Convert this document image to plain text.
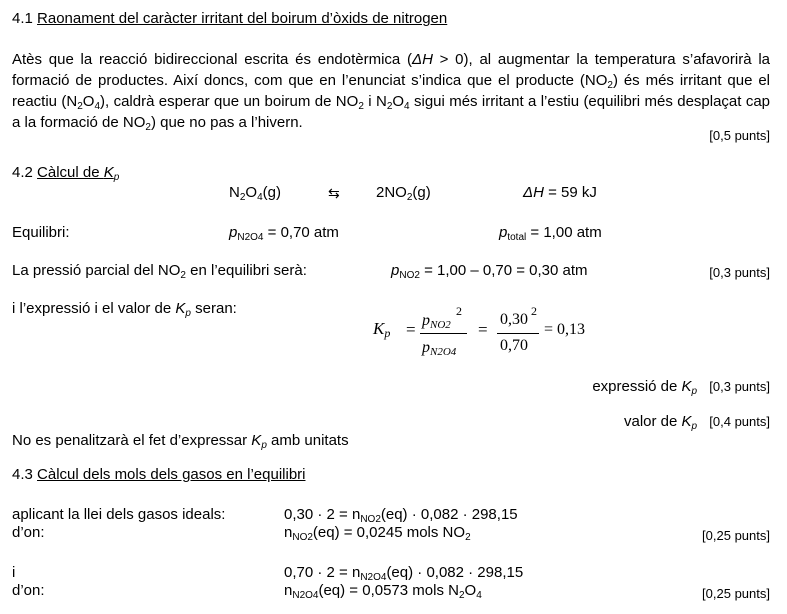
4.1 Raonament del caràcter irritant del boirum d’òxids de nitrogen
Atès que la reacció bidireccional escrita és endotèrmica (ΔH > 0), al augmentar la temperatura s’afavorirà la formació de productes. Així doncs, com que en l’enunciat s’indica que el producte $(NO_2)$ és més irritant que el reactiu $(N_2O_4)$, caldrà esperar que un boirum de $NO_2$ i $N_2O_4$ sigui més irritant a l’estiu (equilibri més desplaçat cap a la formació de $NO_2$) que no pas a l’hivern.
[0,5 punts]
4.2 Càlcul de $K_p$
$N_2O_4(g)$	⇆ $2NO_2(g)$	ΔH = 59 kJ
Equilibri:	$p_{N2O4} = 0,70$ atm	$p_{total} = 1,00$ atm
La pressió parcial del $NO_2$ en l’equilibri serà:	$p_{NO2} = 1,00 - 0,70 = 0,30$ atm	[0,3 punts]
i l’expressió i el valor de $K_p$ seran:
$K_p = p_{NO2}$
2
$p_{N2O4}$
=
0,30 2
0,70
= 0,13
expressió de $K_p$ [0,3 punts]
valor de $K_p$ [0,4 punts]
No es penalitzarà el fet d’expressar $K_p$ amb unitats
4.3 Càlcul dels mols dels gasos en l’equilibri
aplicant la llei dels gasos ideals:	$0,30 \cdot 2 = n_{NO2}(eq) \cdot 0,082 \cdot 298,15$
d’on:	$n_{NO2}(eq) = 0,0245$ mols $NO_2$	[0,25 punts]
i	$0,70 \cdot 2 = n_{N2O4}(eq) \cdot 0,082 \cdot 298,15$
d’on:	$n_{N2O4}(eq) = 0,0573$ mols $N_2O_4$	[0,25 punts]
